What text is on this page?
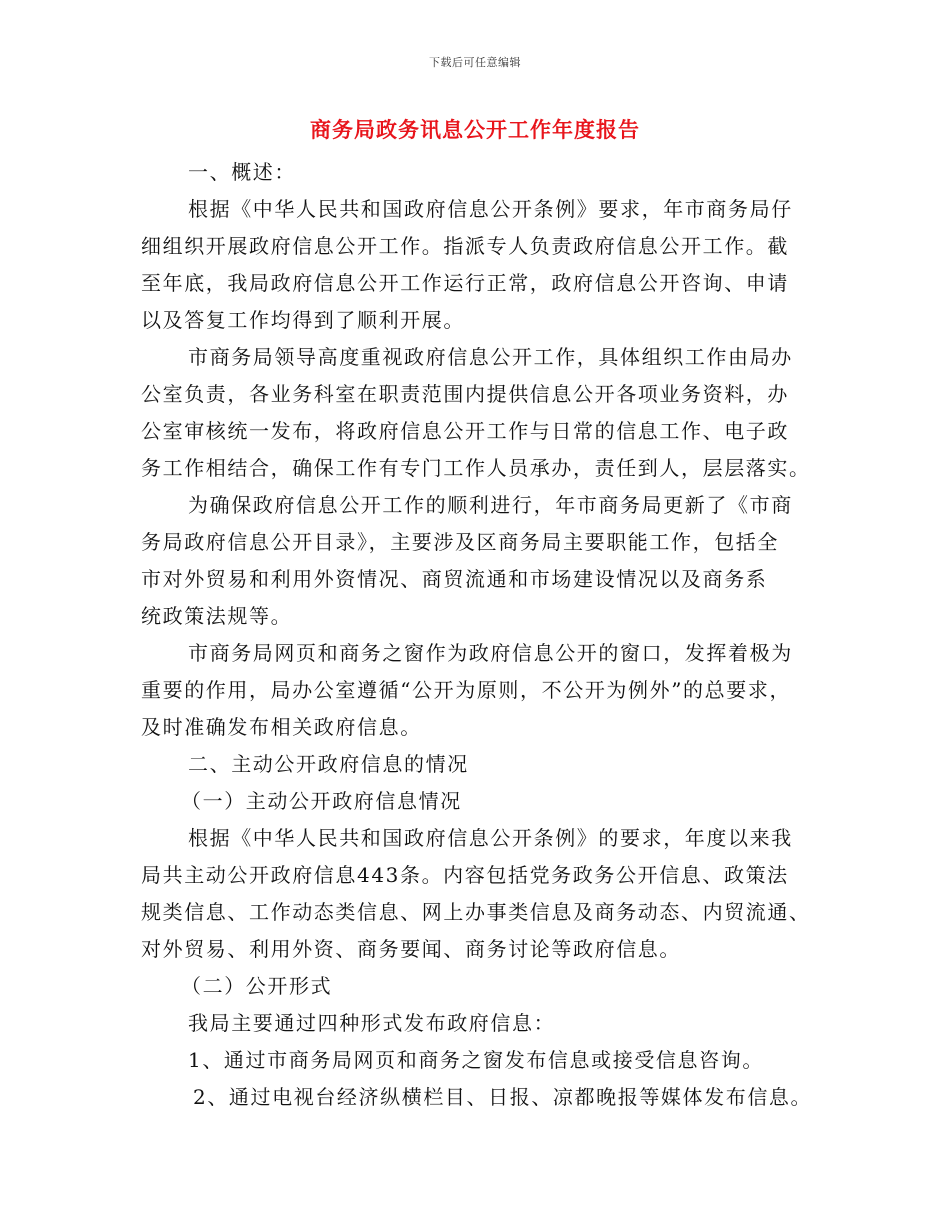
下载后可任意编辑
商务局政务讯息公开工作年度报告
一、概述：
根据《中华人民共和国政府信息公开条例》要求，年市商务局仔
细组织开展政府信息公开工作。指派专人负责政府信息公开工作。截
至年底，我局政府信息公开工作运行正常，政府信息公开咨询、申请
以及答复工作均得到了顺利开展。
市商务局领导高度重视政府信息公开工作，具体组织工作由局办
公室负责，各业务科室在职责范围内提供信息公开各项业务资料，办
公室审核统一发布，将政府信息公开工作与日常的信息工作、电子政
务工作相结合，确保工作有专门工作人员承办，责任到人，层层落实。
为确保政府信息公开工作的顺利进行，年市商务局更新了《市商
务局政府信息公开目录》，主要涉及区商务局主要职能工作，包括全
市对外贸易和利用外资情况、商贸流通和市场建设情况以及商务系
统政策法规等。
市商务局网页和商务之窗作为政府信息公开的窗口，发挥着极为
重要的作用，局办公室遵循“公开为原则，不公开为例外”的总要求，
及时准确发布相关政府信息。
二、主动公开政府信息的情况
（一）主动公开政府信息情况
根据《中华人民共和国政府信息公开条例》的要求，年度以来我
局共主动公开政府信息443条。内容包括党务政务公开信息、政策法
规类信息、工作动态类信息、网上办事类信息及商务动态、内贸流通、
对外贸易、利用外资、商务要闻、商务讨论等政府信息。
（二）公开形式
我局主要通过四种形式发布政府信息：
1、通过市商务局网页和商务之窗发布信息或接受信息咨询。
2、通过电视台经济纵横栏目、日报、凉都晚报等媒体发布信息。
